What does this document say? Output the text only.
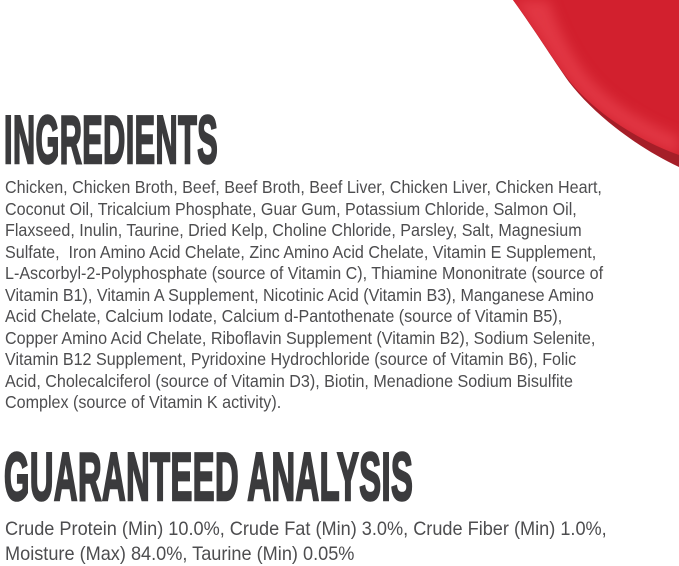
INGREDIENTS
Chicken, Chicken Broth, Beef, Beef Broth, Beef Liver, Chicken Liver, Chicken Heart,
Coconut Oil, Tricalcium Phosphate, Guar Gum, Potassium Chloride, Salmon Oil,
Flaxseed, Inulin, Taurine, Dried Kelp, Choline Chloride, Parsley, Salt, Magnesium
Sulfate,  Iron Amino Acid Chelate, Zinc Amino Acid Chelate, Vitamin E Supplement,
L-Ascorbyl-2-Polyphosphate (source of Vitamin C), Thiamine Mononitrate (source of
Vitamin B1), Vitamin A Supplement, Nicotinic Acid (Vitamin B3), Manganese Amino
Acid Chelate, Calcium Iodate, Calcium d-Pantothenate (source of Vitamin B5),
Copper Amino Acid Chelate, Riboflavin Supplement (Vitamin B2), Sodium Selenite,
Vitamin B12 Supplement, Pyridoxine Hydrochloride (source of Vitamin B6), Folic
Acid, Cholecalciferol (source of Vitamin D3), Biotin, Menadione Sodium Bisulfite
Complex (source of Vitamin K activity).
GUARANTEED ANALYSIS
Crude Protein (Min) 10.0%, Crude Fat (Min) 3.0%, Crude Fiber (Min) 1.0%,
Moisture (Max) 84.0%, Taurine (Min) 0.05%
